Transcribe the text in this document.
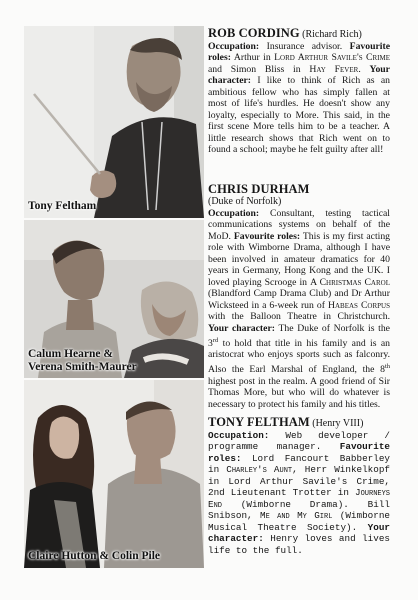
Tony Feltham
Calum Hearne &
Verena Smith-Maurer
Claire Hutton & Colin Pile
ROB CORDING (Richard Rich)

Occupation: Insurance advisor. Favourite roles: Arthur in Lord Arthur Savile's Crime and Simon Bliss in Hay Fever. Your character: I like to think of Rich as an ambitious fellow who has simply fallen at most of life's hurdles. He doesn't show any loyalty, especially to More. This said, in the first scene More tells him to be a teacher. A little research shows that Rich went on to found a school; maybe he felt guilty after all!

CHRIS DURHAM
(Duke of Norfolk)

Occupation: Consultant, testing tactical communications systems on behalf of the MoD. Favourite roles: This is my first acting role with Wimborne Drama, although I have been involved in amateur dramatics for 40 years in Germany, Hong Kong and the UK. I loved playing Scrooge in A Christmas Carol (Blandford Camp Drama Club) and Dr Arthur Wicksteed in a 6-week run of Habeas Corpus with the Balloon Theatre in Christchurch. Your character: The Duke of Norfolk is the 3rd to hold that title in his family and is an aristocrat who enjoys sports such as falconry. Also the Earl Marshal of England, the 8th highest post in the realm. A good friend of Sir Thomas More, but who will do whatever is necessary to protect his family and his titles.

TONY FELTHAM (Henry VIII)

Occupation: Web developer / programme manager. Favourite roles: Lord Fancourt Babberley in Charley's Aunt, Herr Winkelkopf in Lord Arthur Savile's Crime, 2nd Lieutenant Trotter in Journeys End (Wimborne Drama). Bill Snibson, Me and My Girl (Wimborne Musical Theatre Society). Your character: Henry loves and lives life to the full.
